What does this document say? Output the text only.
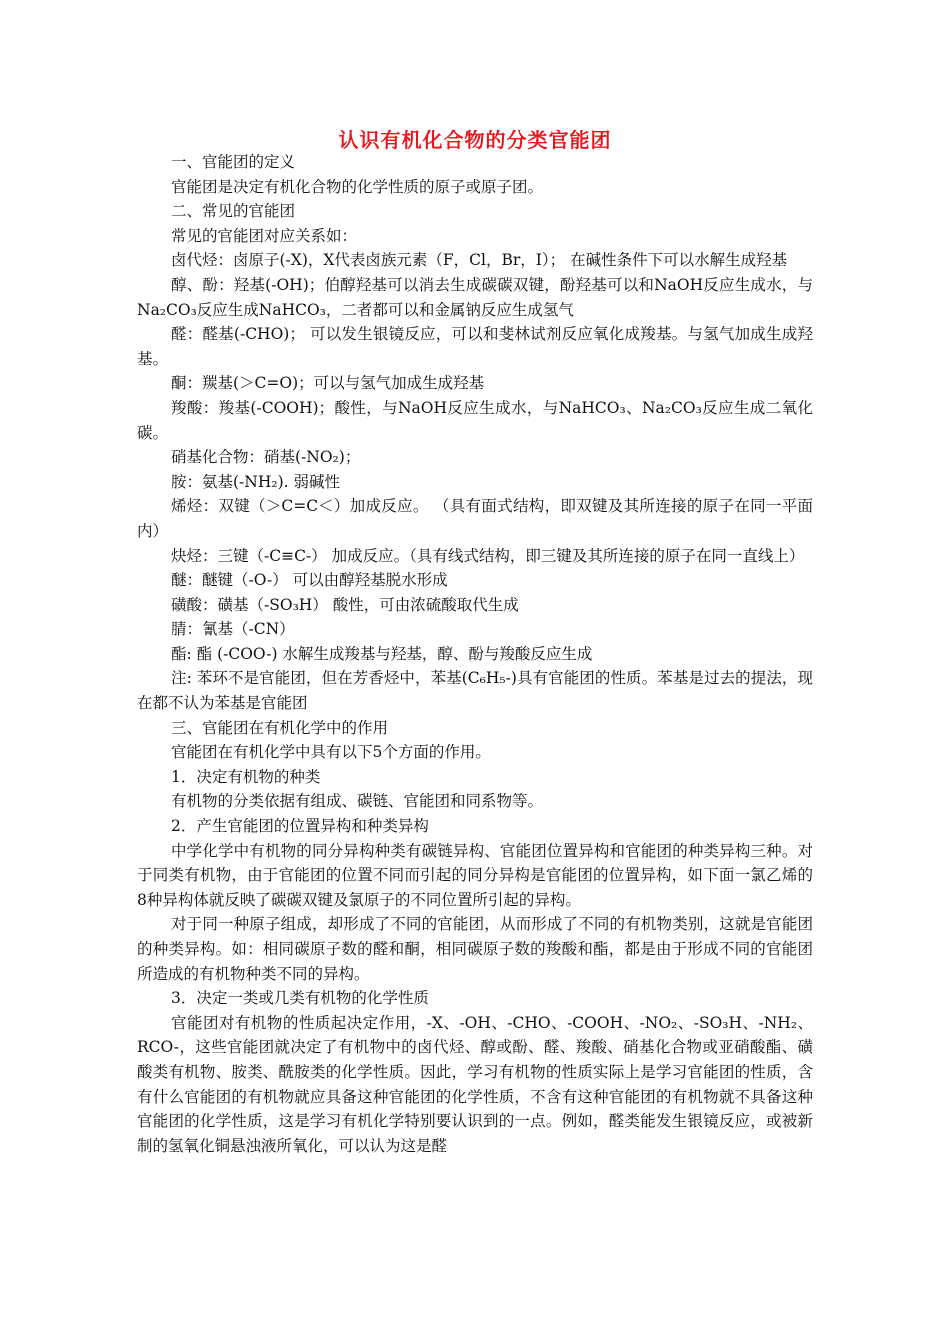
认识有机化合物的分类官能团

一、官能团的定义

官能团是决定有机化合物的化学性质的原子或原子团。

二、常见的官能团

常见的官能团对应关系如：

卤代烃：卤原子(-X)，X代表卤族元素（F，Cl，Br，I）； 在碱性条件下可以水解生成羟基

醇、酚：羟基(-OH)；伯醇羟基可以消去生成碳碳双键，酚羟基可以和NaOH反应生成水，与Na₂CO₃反应生成NaHCO₃，二者都可以和金属钠反应生成氢气

醛：醛基(-CHO)； 可以发生银镜反应，可以和斐林试剂反应氧化成羧基。与氢气加成生成羟基。

酮：羰基(＞C=O)；可以与氢气加成生成羟基

羧酸：羧基(-COOH)；酸性，与NaOH反应生成水，与NaHCO₃、Na₂CO₃反应生成二氧化碳。

硝基化合物：硝基(-NO₂)；

胺：氨基(-NH₂). 弱碱性

烯烃：双键（＞C=C＜）加成反应。 （具有面式结构，即双键及其所连接的原子在同一平面内）

炔烃：三键（-C≡C-） 加成反应。（具有线式结构，即三键及其所连接的原子在同一直线上）

醚：醚键（-O-） 可以由醇羟基脱水形成

磺酸：磺基（-SO₃H） 酸性，可由浓硫酸取代生成

腈：氰基（-CN）

酯: 酯 (-COO-) 水解生成羧基与羟基，醇、酚与羧酸反应生成

注: 苯环不是官能团，但在芳香烃中，苯基(C₆H₅-)具有官能团的性质。苯基是过去的提法，现在都不认为苯基是官能团

三、官能团在有机化学中的作用

官能团在有机化学中具有以下5个方面的作用。

1．决定有机物的种类

有机物的分类依据有组成、碳链、官能团和同系物等。

2．产生官能团的位置异构和种类异构

中学化学中有机物的同分异构种类有碳链异构、官能团位置异构和官能团的种类异构三种。对于同类有机物，由于官能团的位置不同而引起的同分异构是官能团的位置异构，如下面一氯乙烯的8种异构体就反映了碳碳双键及氯原子的不同位置所引起的异构。

对于同一种原子组成，却形成了不同的官能团，从而形成了不同的有机物类别，这就是官能团的种类异构。如：相同碳原子数的醛和酮，相同碳原子数的羧酸和酯，都是由于形成不同的官能团所造成的有机物种类不同的异构。

3．决定一类或几类有机物的化学性质

官能团对有机物的性质起决定作用，-X、-OH、-CHO、-COOH、-NO₂、-SO₃H、-NH₂、RCO-，这些官能团就决定了有机物中的卤代烃、醇或酚、醛、羧酸、硝基化合物或亚硝酸酯、磺酸类有机物、胺类、酰胺类的化学性质。因此，学习有机物的性质实际上是学习官能团的性质，含有什么官能团的有机物就应具备这种官能团的化学性质，不含有这种官能团的有机物就不具备这种官能团的化学性质，这是学习有机化学特别要认识到的一点。例如，醛类能发生银镜反应，或被新制的氢氧化铜悬浊液所氧化，可以认为这是醛
